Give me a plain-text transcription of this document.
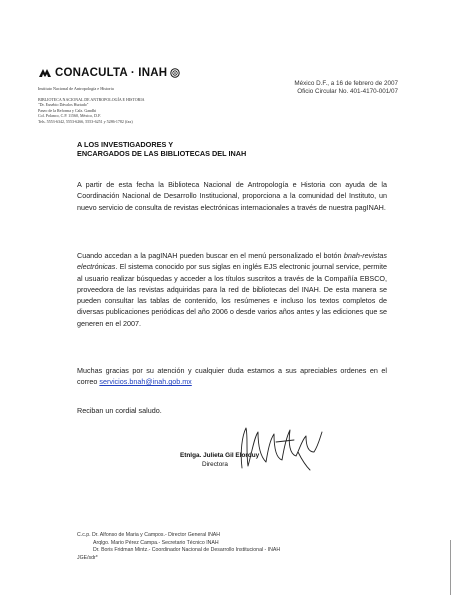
CONACULTA · INAH
Instituto Nacional de Antropología e Historia
BIBLIOTECA NACIONAL DE ANTROPOLOGÍA E HISTORIA
"Dr. Eusebio Dávalos Hurtado"
Paseo de la Reforma y Calz. Gandhi
Col. Polanco, C.P. 11560, México, D.F.
Tels. 5553-6342, 5553-6266, 5553-6251 y 5286-1782 (fax)
México D.F., a 16 de febrero de 2007
Oficio Circular No. 401-4170-001/07
A LOS INVESTIGADORES Y
ENCARGADOS DE LAS BIBLIOTECAS DEL INAH
A partir de esta fecha la Biblioteca Nacional de Antropología e Historia con ayuda de la Coordinación Nacional de Desarrollo Institucional, proporciona a la comunidad del Instituto, un nuevo servicio de consulta de revistas electrónicas internacionales a través de nuestra pagINAH.
Cuando accedan a la pagINAH pueden buscar en el menú personalizado el botón bnah-revistas electrónicas. El sistema conocido por sus siglas en inglés EJS electronic journal service, permite al usuario realizar búsquedas y acceder a los títulos suscritos a través de la Compañía EBSCO, proveedora de las revistas adquiridas para la red de bibliotecas del INAH. De esta manera se pueden consultar las tablas de contenido, los resúmenes e incluso los textos completos de diversas publicaciones periódicas del año 2006 o desde varios años antes y las ediciones que se generen en el 2007.
Muchas gracias por su atención y cualquier duda estamos a sus apreciables ordenes en el correo servicios.bnah@inah.gob.mx
Reciban un cordial saludo.
Etnlga. Julieta Gil Elorduy
Directora
C.c.p. Dr. Alfonso de Maria y Campos.- Director General INAH
Arqlgo. Mario Pérez Campa.- Secretario Técnico INAH
Dr. Boris Fridman Mintz.- Coordinador Nacional de Desarrollo Institucional - INAH
JGE/sdr*
